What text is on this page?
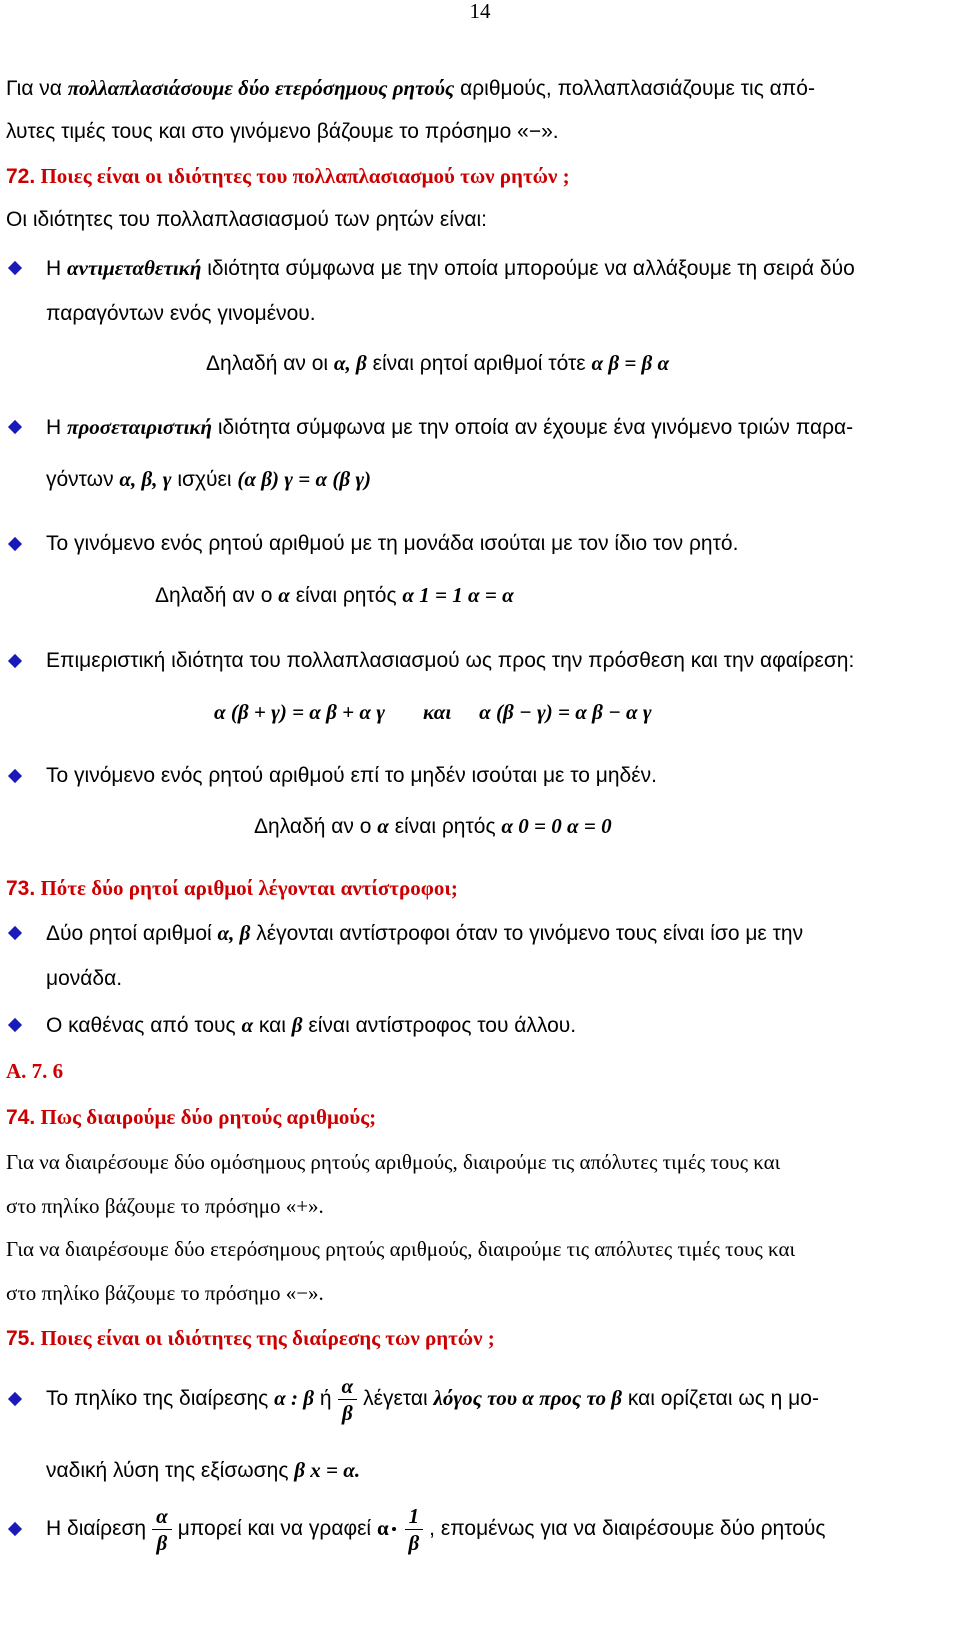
14
Για να πολλαπλασιάσουμε δύο ετερόσημους ρητούς αριθμούς, πολλαπλασιάζουμε τις από-
λυτες τιμές τους και στο γινόμενο βάζουμε το πρόσημο «−».
72. Ποιες είναι οι ιδιότητες του πολλαπλασιασμού των ρητών ;
Οι ιδιότητες του πολλαπλασιασμού των ρητών είναι:
Η αντιμεταθετική ιδιότητα σύμφωνα με την οποία μπορούμε να αλλάξουμε τη σειρά δύο
παραγόντων ενός γινομένου.
Δηλαδή αν οι α, β είναι ρητοί αριθμοί τότε α β = β α
Η προσεταιριστική ιδιότητα σύμφωνα με την οποία αν έχουμε ένα γινόμενο τριών παρα-
γόντων α, β, γ ισχύει (α β) γ = α (β γ)
Το γινόμενο ενός ρητού αριθμού με τη μονάδα ισούται με τον ίδιο τον ρητό.
Δηλαδή αν ο α είναι ρητός α 1 = 1 α = α
Επιμεριστική ιδιότητα του πολλαπλασιασμού ως προς την πρόσθεση και την αφαίρεση:
α (β + γ) = α β + α γ και α (β − γ) = α β − α γ
Το γινόμενο ενός ρητού αριθμού επί το μηδέν ισούται με το μηδέν.
Δηλαδή αν ο α είναι ρητός α 0 = 0 α = 0
73. Πότε δύο ρητοί αριθμοί λέγονται αντίστροφοι;
Δύο ρητοί αριθμοί α, β λέγονται αντίστροφοι όταν το γινόμενο τους είναι ίσο με την
μονάδα.
Ο καθένας από τους α και β είναι αντίστροφος του άλλου.
Α. 7. 6
74. Πως διαιρούμε δύο ρητούς αριθμούς;
Για να διαιρέσουμε δύο ομόσημους ρητούς αριθμούς, διαιρούμε τις απόλυτες τιμές τους και
στο πηλίκο βάζουμε το πρόσημο «+».
Για να διαιρέσουμε δύο ετερόσημους ρητούς αριθμούς, διαιρούμε τις απόλυτες τιμές τους και
στο πηλίκο βάζουμε το πρόσημο «−».
75. Ποιες είναι οι ιδιότητες της διαίρεσης των ρητών ;
Το πηλίκο της διαίρεσης α : β ή $\frac{\alpha}{\beta}$ λέγεται λόγος του α προς το β και ορίζεται ως η μο-
ναδική λύση της εξίσωσης β x = α.
Η διαίρεση $\frac{\alpha}{\beta}$ μπορεί και να γραφεί α $\frac{1}{\beta}$ , επομένως για να διαιρέσουμε δύο ρητούς
